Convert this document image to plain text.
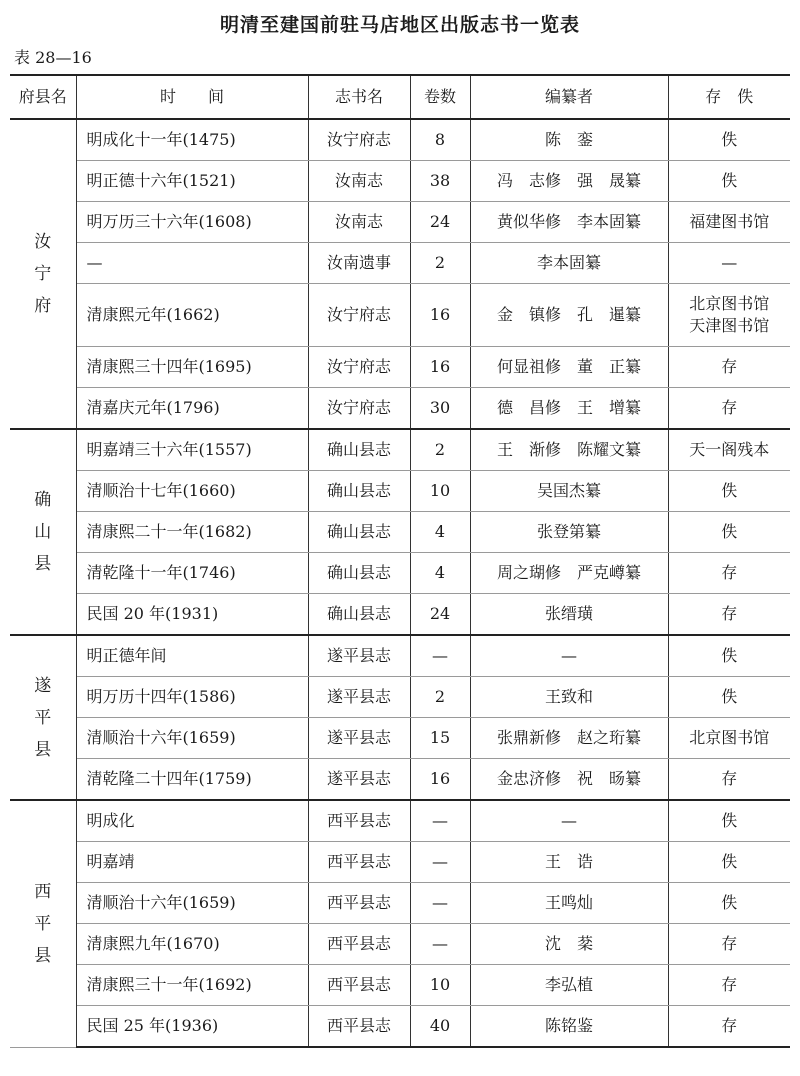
明清至建国前驻马店地区出版志书一览表
表 28—16
府县名	时　　间	志书名	卷数	编纂者	存　佚

汝
宁
府	明成化十一年(1475)	汝宁府志	8	陈　銮	佚

	明正德十六年(1521)	汝南志	38	冯　志修　强　晟纂	佚

	明万历三十六年(1608)	汝南志	24	黄似华修　李本固纂	福建图书馆

	—	汝南遗事	2	李本固纂	—

	清康熙元年(1662)	汝宁府志	16	金　镇修　孔　暹纂	北京图书馆
天津图书馆

	清康熙三十四年(1695)	汝宁府志	16	何显祖修　董　正纂	存

	清嘉庆元年(1796)	汝宁府志	30	德　昌修　王　增纂	存

确
山
县	明嘉靖三十六年(1557)	确山县志	2	王　渐修　陈耀文纂	天一阁残本

	清顺治十七年(1660)	确山县志	10	吴国杰纂	佚

	清康熙二十一年(1682)	确山县志	4	张登第纂	佚

	清乾隆十一年(1746)	确山县志	4	周之瑚修　严克嶟纂	存

	民国 20 年(1931)	确山县志	24	张缙璜	存

遂
平
县	明正德年间	遂平县志	—	—	佚

	明万历十四年(1586)	遂平县志	2	王致和	佚

	清顺治十六年(1659)	遂平县志	15	张鼎新修　赵之珩纂	北京图书馆

	清乾隆二十四年(1759)	遂平县志	16	金忠济修　祝　旸纂	存

西
平
县	明成化	西平县志	—	—	佚

	明嘉靖	西平县志	—	王　诰	佚

	清顺治十六年(1659)	西平县志	—	王鸣灿	佚

	清康熙九年(1670)	西平县志	—	沈　棻	存

	清康熙三十一年(1692)	西平县志	10	李弘植	存

	民国 25 年(1936)	西平县志	40	陈铭鉴	存
